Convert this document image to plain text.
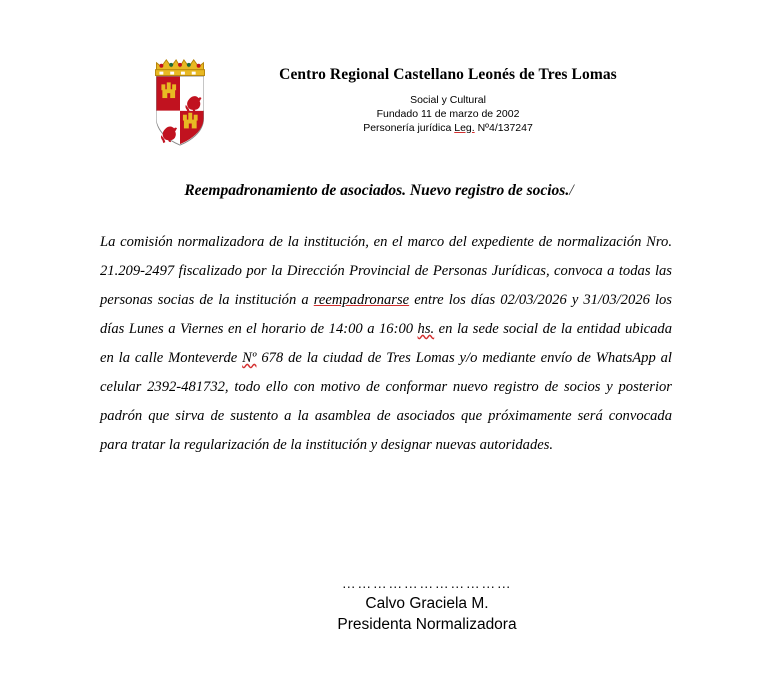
Centro Regional Castellano Leonés de Tres Lomas
Social y Cultural
Fundado 11 de marzo de 2002
Personería jurídica Leg. Nº4/137247
Reempadronamiento de asociados. Nuevo registro de socios./

La comisión normalizadora de la institución, en el marco del expediente de normalización Nro. 21.209-2497 fiscalizado por la Dirección Provincial de Personas Jurídicas, convoca a todas las personas socias de la institución a reempadronarse entre los días 02/03/2026 y 31/03/2026 los días Lunes a Viernes en el horario de 14:00 a 16:00 hs. en la sede social de la entidad ubicada en la calle Monteverde Nº 678 de la ciudad de Tres Lomas y/o mediante envío de WhatsApp al celular 2392-481732, todo ello con motivo de conformar nuevo registro de socios y posterior padrón que sirva de sustento a la asamblea de asociados que próximamente será convocada para tratar la regularización de la institución y designar nuevas autoridades.

……………………………
Calvo Graciela M.
Presidenta Normalizadora
